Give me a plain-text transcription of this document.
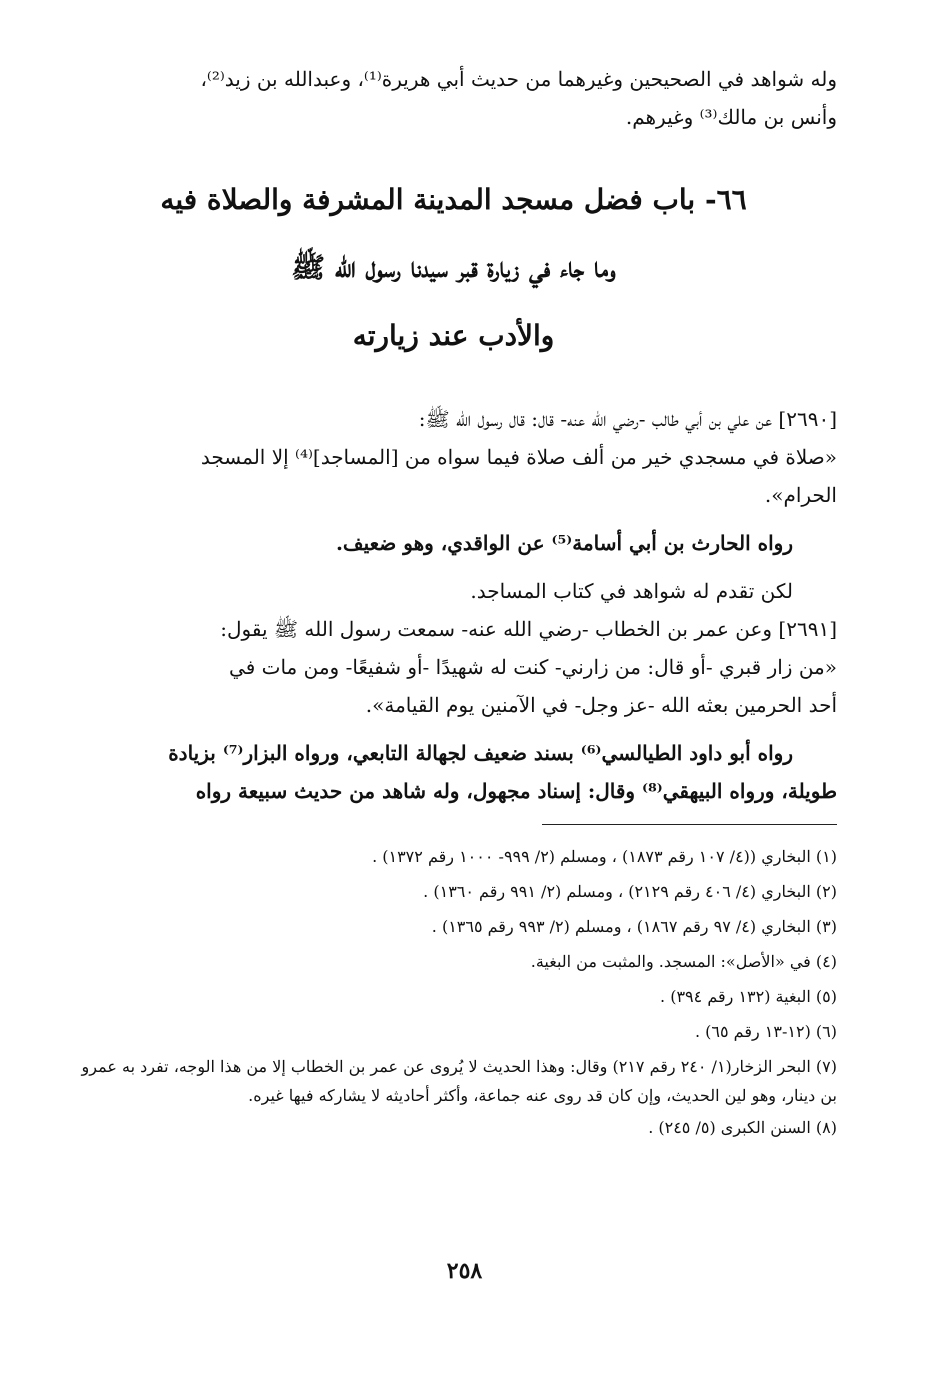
وله شواهد في الصحيحين وغيرهما من حديث أبي هريرة⁽¹⁾، وعبدالله بن زيد⁽²⁾،

وأنس بن مالك⁽³⁾ وغيرهم.

٦٦- باب فضل مسجد المدينة المشرفة والصلاة فيه
وما جاء في زيارة قبر سيدنا رسول الله ﷺ
والأدب عند زيارته

[٢٦٩٠] عن علي بن أبي طالب -رضي الله عنه- قال: قال رسول الله ﷺ:

«صلاة في مسجدي خير من ألف صلاة فيما سواه من [المساجد]⁽⁴⁾ إلا المسجد

الحرام».

رواه الحارث بن أبي أسامة⁽⁵⁾ عن الواقدي، وهو ضعيف.

لكن تقدم له شواهد في كتاب المساجد.

[٢٦٩١] وعن عمر بن الخطاب -رضي الله عنه- سمعت رسول الله ﷺ يقول:

«من زار قبري -أو قال: من زارني- كنت له شهيدًا -أو شفيعًا- ومن مات في

أحد الحرمين بعثه الله -عز وجل- في الآمنين يوم القيامة».

رواه أبو داود الطيالسي⁽⁶⁾ بسند ضعيف لجهالة التابعي، ورواه البزار⁽⁷⁾ بزيادة

طويلة، ورواه البيهقي⁽⁸⁾ وقال: إسناد مجهول، وله شاهد من حديث سبيعة رواه

(١) البخاري ((٤/ ١٠٧ رقم ١٨٧٣) ، ومسلم (٢/ ٩٩٩- ١٠٠٠ رقم ١٣٧٢) .

(٢) البخاري (٤/ ٤٠٦ رقم ٢١٢٩) ، ومسلم (٢/ ٩٩١ رقم ١٣٦٠) .

(٣) البخاري (٤/ ٩٧ رقم ١٨٦٧) ، ومسلم (٢/ ٩٩٣ رقم ١٣٦٥) .

(٤) في «الأصل»: المسجد. والمثبت من البغية.

(٥) البغية (١٣٢ رقم ٣٩٤) .

(٦) (١٢-١٣ رقم ٦٥) .

(٧) البحر الزخار(١/ ٢٤٠ رقم ٢١٧) وقال: وهذا الحديث لا يُروى عن عمر بن الخطاب إلا من هذا الوجه، تفرد به عمرو بن دينار، وهو لين الحديث، وإن كان قد روى عنه جماعة، وأكثر أحاديثه لا يشاركه فيها غيره.

(٨) السنن الكبرى (٥/ ٢٤٥) .

٢٥٨
